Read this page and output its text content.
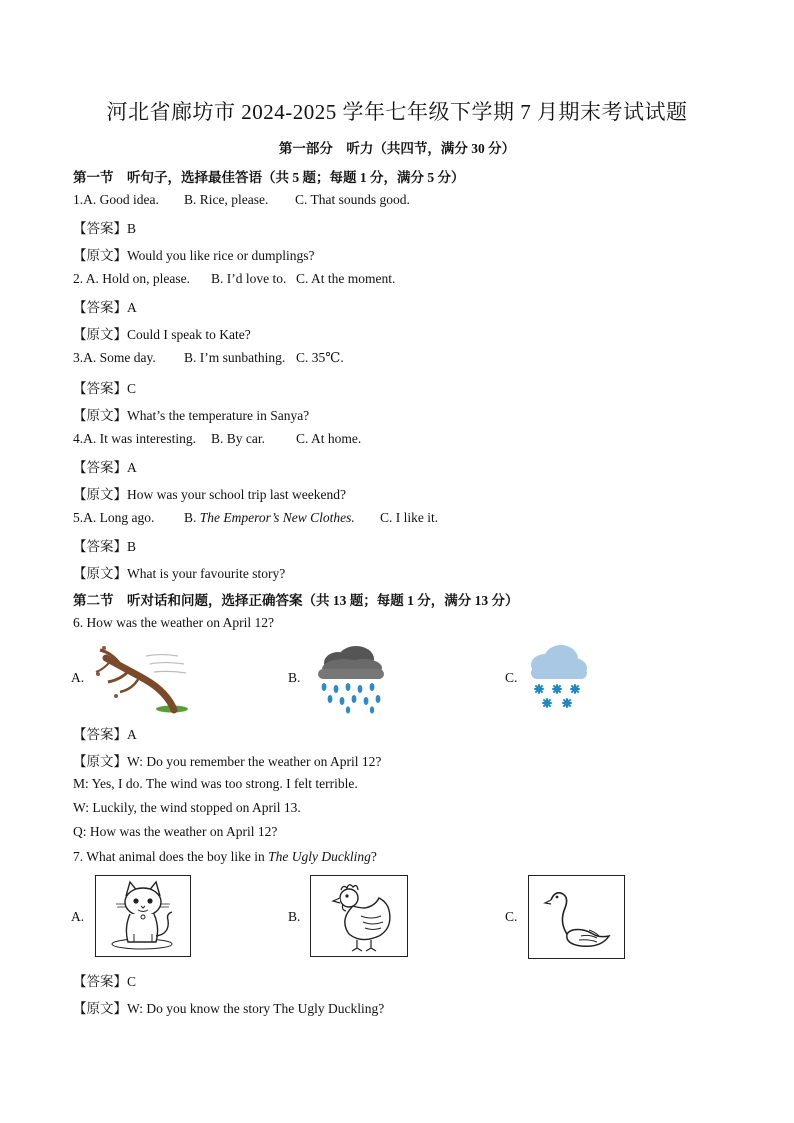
河北省廊坊市 2024-2025 学年七年级下学期 7 月期末考试试题
第一部分　听力（共四节，满分 30 分）
第一节　听句子，选择最佳答语（共 5 题；每题 1 分，满分 5 分）
1.A. Good idea. B. Rice, please. C. That sounds good.
【答案】B
【原文】Would you like rice or dumplings?
2. A. Hold on, please. B. I’d love to. C. At the moment.
【答案】A
【原文】Could I speak to Kate?
3.A. Some day. B. I’m sunbathing. C. 35℃.
【答案】C
【原文】What’s the temperature in Sanya?
4.A. It was interesting. B. By car. C. At home.
【答案】A
【原文】How was your school trip last weekend?
5.A. Long ago. B. The Emperor’s New Clothes. C. I like it.
【答案】B
【原文】What is your favourite story?
第二节　听对话和问题，选择正确答案（共 13 题；每题 1 分，满分 13 分）
6. How was the weather on April 12?
A.	B.	C.
【答案】A
【原文】W: Do you remember the weather on April 12?
M: Yes, I do. The wind was too strong. I felt terrible.
W: Luckily, the wind stopped on April 13.
Q: How was the weather on April 12?
7. What animal does the boy like in The Ugly Duckling?
A.	B.	C.
【答案】C
【原文】W: Do you know the story The Ugly Duckling?
